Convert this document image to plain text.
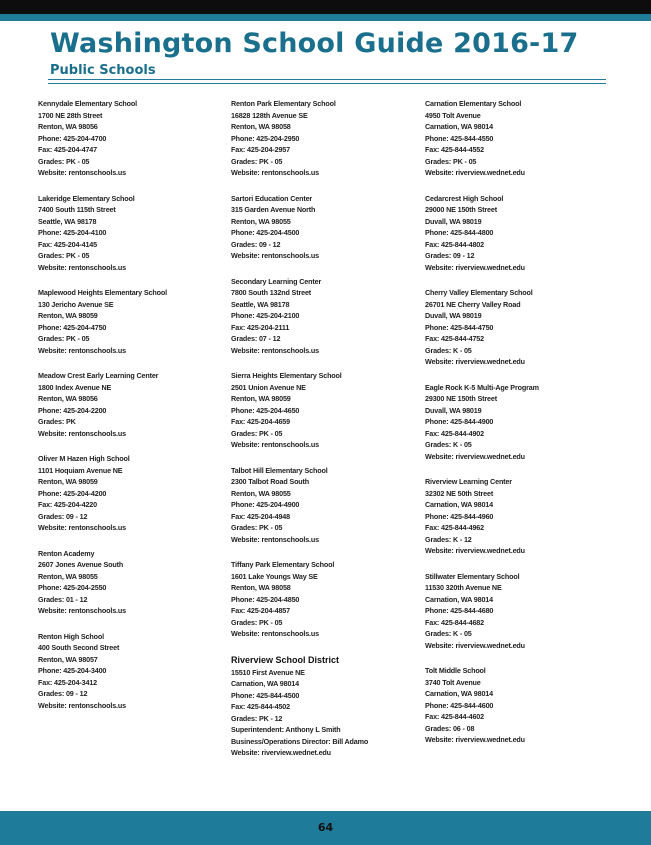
Washington School Guide 2016-17
Public Schools
Kennydale Elementary School
1700 NE 28th Street
Renton, WA 98056
Phone: 425-204-4700
Fax: 425-204-4747
Grades: PK - 05
Website: rentonschools.us
Lakeridge Elementary School
7400 South 115th Street
Seattle, WA 98178
Phone: 425-204-4100
Fax: 425-204-4145
Grades: PK - 05
Website: rentonschools.us
Maplewood Heights Elementary School
130 Jericho Avenue SE
Renton, WA 98059
Phone: 425-204-4750
Grades: PK - 05
Website: rentonschools.us
Meadow Crest Early Learning Center
1800 Index Avenue NE
Renton, WA 98056
Phone: 425-204-2200
Grades: PK
Website: rentonschools.us
Oliver M Hazen High School
1101 Hoquiam Avenue NE
Renton, WA 98059
Phone: 425-204-4200
Fax: 425-204-4220
Grades: 09 - 12
Website: rentonschools.us
Renton Academy
2607 Jones Avenue South
Renton, WA 98055
Phone: 425-204-2550
Grades: 01 - 12
Website: rentonschools.us
Renton High School
400 South Second Street
Renton, WA 98057
Phone: 425-204-3400
Fax: 425-204-3412
Grades: 09 - 12
Website: rentonschools.us
Renton Park Elementary School
16828 128th Avenue SE
Renton, WA 98058
Phone: 425-204-2950
Fax: 425-204-2957
Grades: PK - 05
Website: rentonschools.us
Sartori Education Center
315 Garden Avenue North
Renton, WA 98055
Phone: 425-204-4500
Grades: 09 - 12
Website: rentonschools.us
Secondary Learning Center
7800 South 132nd Street
Seattle, WA 98178
Phone: 425-204-2100
Fax: 425-204-2111
Grades: 07 - 12
Website: rentonschools.us
Sierra Heights Elementary School
2501 Union Avenue NE
Renton, WA 98059
Phone: 425-204-4650
Fax: 425-204-4659
Grades: PK - 05
Website: rentonschools.us
Talbot Hill Elementary School
2300 Talbot Road South
Renton, WA 98055
Phone: 425-204-4900
Fax: 425-204-4948
Grades: PK - 05
Website: rentonschools.us
Tiffany Park Elementary School
1601 Lake Youngs Way SE
Renton, WA 98058
Phone: 425-204-4850
Fax: 425-204-4857
Grades: PK - 05
Website: rentonschools.us
Riverview School District
15510 First Avenue NE
Carnation, WA 98014
Phone: 425-844-4500
Fax: 425-844-4502
Grades: PK - 12
Superintendent: Anthony L Smith
Business/Operations Director: Bill Adamo
Website: riverview.wednet.edu
Carnation Elementary School
4950 Tolt Avenue
Carnation, WA 98014
Phone: 425-844-4550
Fax: 425-844-4552
Grades: PK - 05
Website: riverview.wednet.edu
Cedarcrest High School
29000 NE 150th Street
Duvall, WA 98019
Phone: 425-844-4800
Fax: 425-844-4802
Grades: 09 - 12
Website: riverview.wednet.edu
Cherry Valley Elementary School
26701 NE Cherry Valley Road
Duvall, WA 98019
Phone: 425-844-4750
Fax: 425-844-4752
Grades: K - 05
Website: riverview.wednet.edu
Eagle Rock K-5 Multi-Age Program
29300 NE 150th Street
Duvall, WA 98019
Phone: 425-844-4900
Fax: 425-844-4902
Grades: K - 05
Website: riverview.wednet.edu
Riverview Learning Center
32302 NE 50th Street
Carnation, WA 98014
Phone: 425-844-4960
Fax: 425-844-4962
Grades: K - 12
Website: riverview.wednet.edu
Stillwater Elementary School
11530 320th Avenue NE
Carnation, WA 98014
Phone: 425-844-4680
Fax: 425-844-4682
Grades: K - 05
Website: riverview.wednet.edu
Tolt Middle School
3740 Tolt Avenue
Carnation, WA 98014
Phone: 425-844-4600
Fax: 425-844-4602
Grades: 06 - 08
Website: riverview.wednet.edu
64
